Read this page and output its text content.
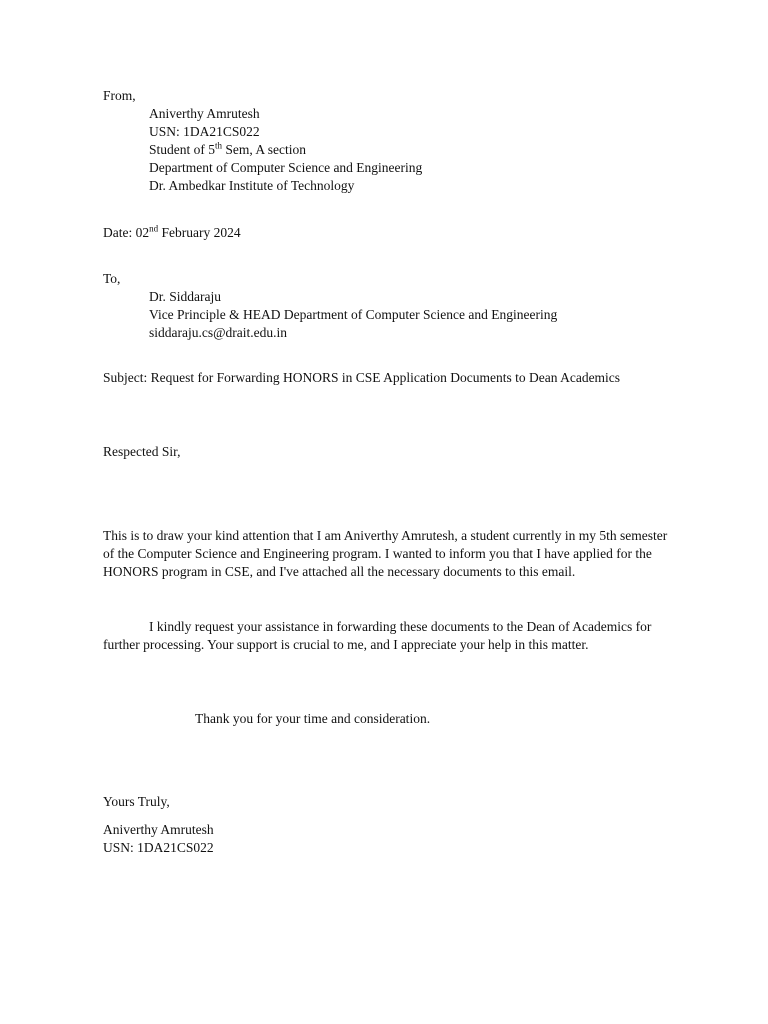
From,
Aniverthy Amrutesh
USN: 1DA21CS022
Student of 5th Sem, A section
Department of Computer Science and Engineering
Dr. Ambedkar Institute of Technology
Date: 02nd February 2024
To,
Dr. Siddaraju
Vice Principle & HEAD Department of Computer Science and Engineering
siddaraju.cs@drait.edu.in
Subject: Request for Forwarding HONORS in CSE Application Documents to Dean Academics
Respected Sir,
This is to draw your kind attention that I am Aniverthy Amrutesh, a student currently in my 5th semester of the Computer Science and Engineering program. I wanted to inform you that I have applied for the HONORS program in CSE, and I've attached all the necessary documents to this email.
I kindly request your assistance in forwarding these documents to the Dean of Academics for further processing. Your support is crucial to me, and I appreciate your help in this matter.
Thank you for your time and consideration.
Yours Truly,
Aniverthy Amrutesh
USN: 1DA21CS022
